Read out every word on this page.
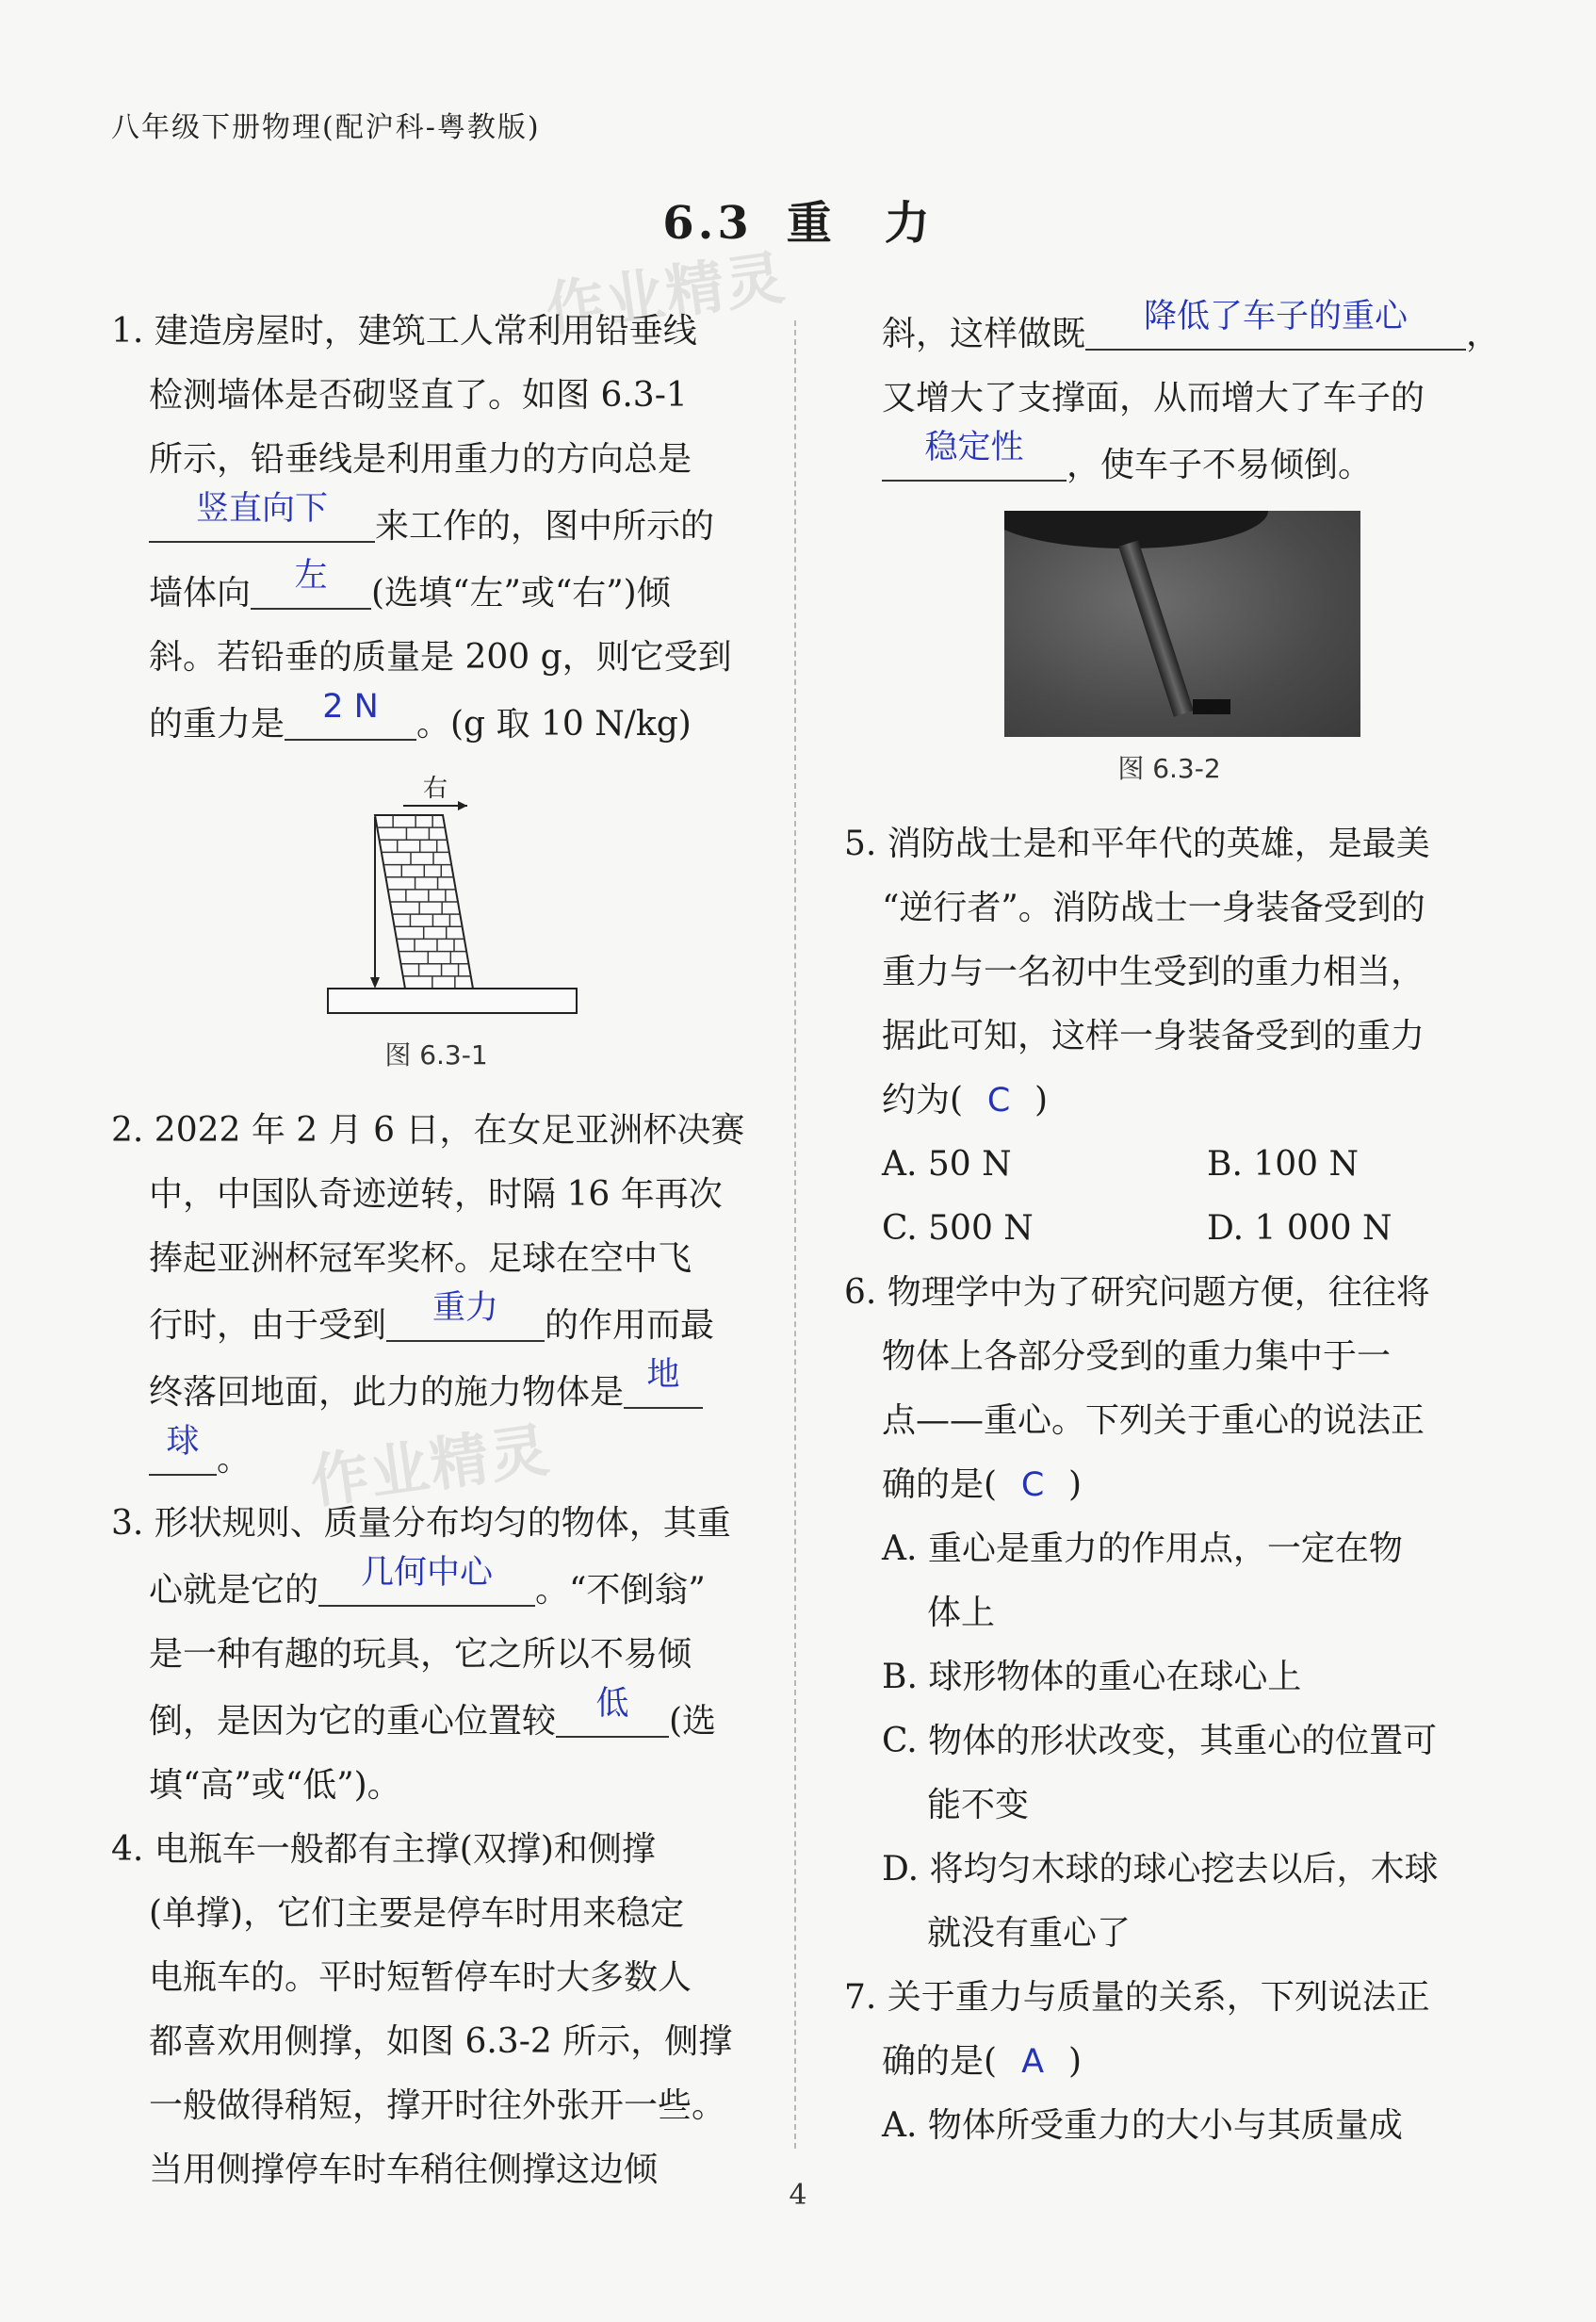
八年级下册物理(配沪科-粤教版)
6.3 重　力
作业精灵
作业精灵
1. 建造房屋时，建筑工人常利用铅垂线
检测墙体是否砌竖直了。如图 6.3-1
所示，铅垂线是利用重力的方向总是
竖直向下	来工作的，图中所示的
墙体向	左	(选填“左”或“右”)倾
斜。若铅垂的质量是 200 g，则它受到
的重力是	2 N	。(g 取 10 N/kg)
右
图 6.3-1
2. 2022 年 2 月 6 日，在女足亚洲杯决赛
中，中国队奇迹逆转，时隔 16 年再次
捧起亚洲杯冠军奖杯。足球在空中飞
行时，由于受到	重力	的作用而最
终落回地面，此力的施力物体是 地
球 。
3. 形状规则、质量分布均匀的物体，其重
心就是它的	几何中心	。“不倒翁”
是一种有趣的玩具，它之所以不易倾
倒，是因为它的重心位置较	低	(选
填“高”或“低”)。
4. 电瓶车一般都有主撑(双撑)和侧撑
(单撑)，它们主要是停车时用来稳定
电瓶车的。平时短暂停车时大多数人
都喜欢用侧撑，如图 6.3-2 所示，侧撑
一般做得稍短，撑开时往外张开一些。
当用侧撑停车时车稍往侧撑这边倾
斜，这样做既	降低了车子的重心	，
又增大了支撑面，从而增大了车子的
稳定性	，使车子不易倾倒。
图 6.3-2
5. 消防战士是和平年代的英雄，是最美
“逆行者”。消防战士一身装备受到的
重力与一名初中生受到的重力相当，
据此可知，这样一身装备受到的重力
约为( C )
A. 50 N	B. 100 N
C. 500 N	D. 1 000 N
6. 物理学中为了研究问题方便，往往将
物体上各部分受到的重力集中于一
点——重心。下列关于重心的说法正
确的是( C )
A. 重心是重力的作用点，一定在物
体上
B. 球形物体的重心在球心上
C. 物体的形状改变，其重心的位置可
能不变
D. 将均匀木球的球心挖去以后，木球
就没有重心了
7. 关于重力与质量的关系，下列说法正
确的是( A )
A. 物体所受重力的大小与其质量成
4
